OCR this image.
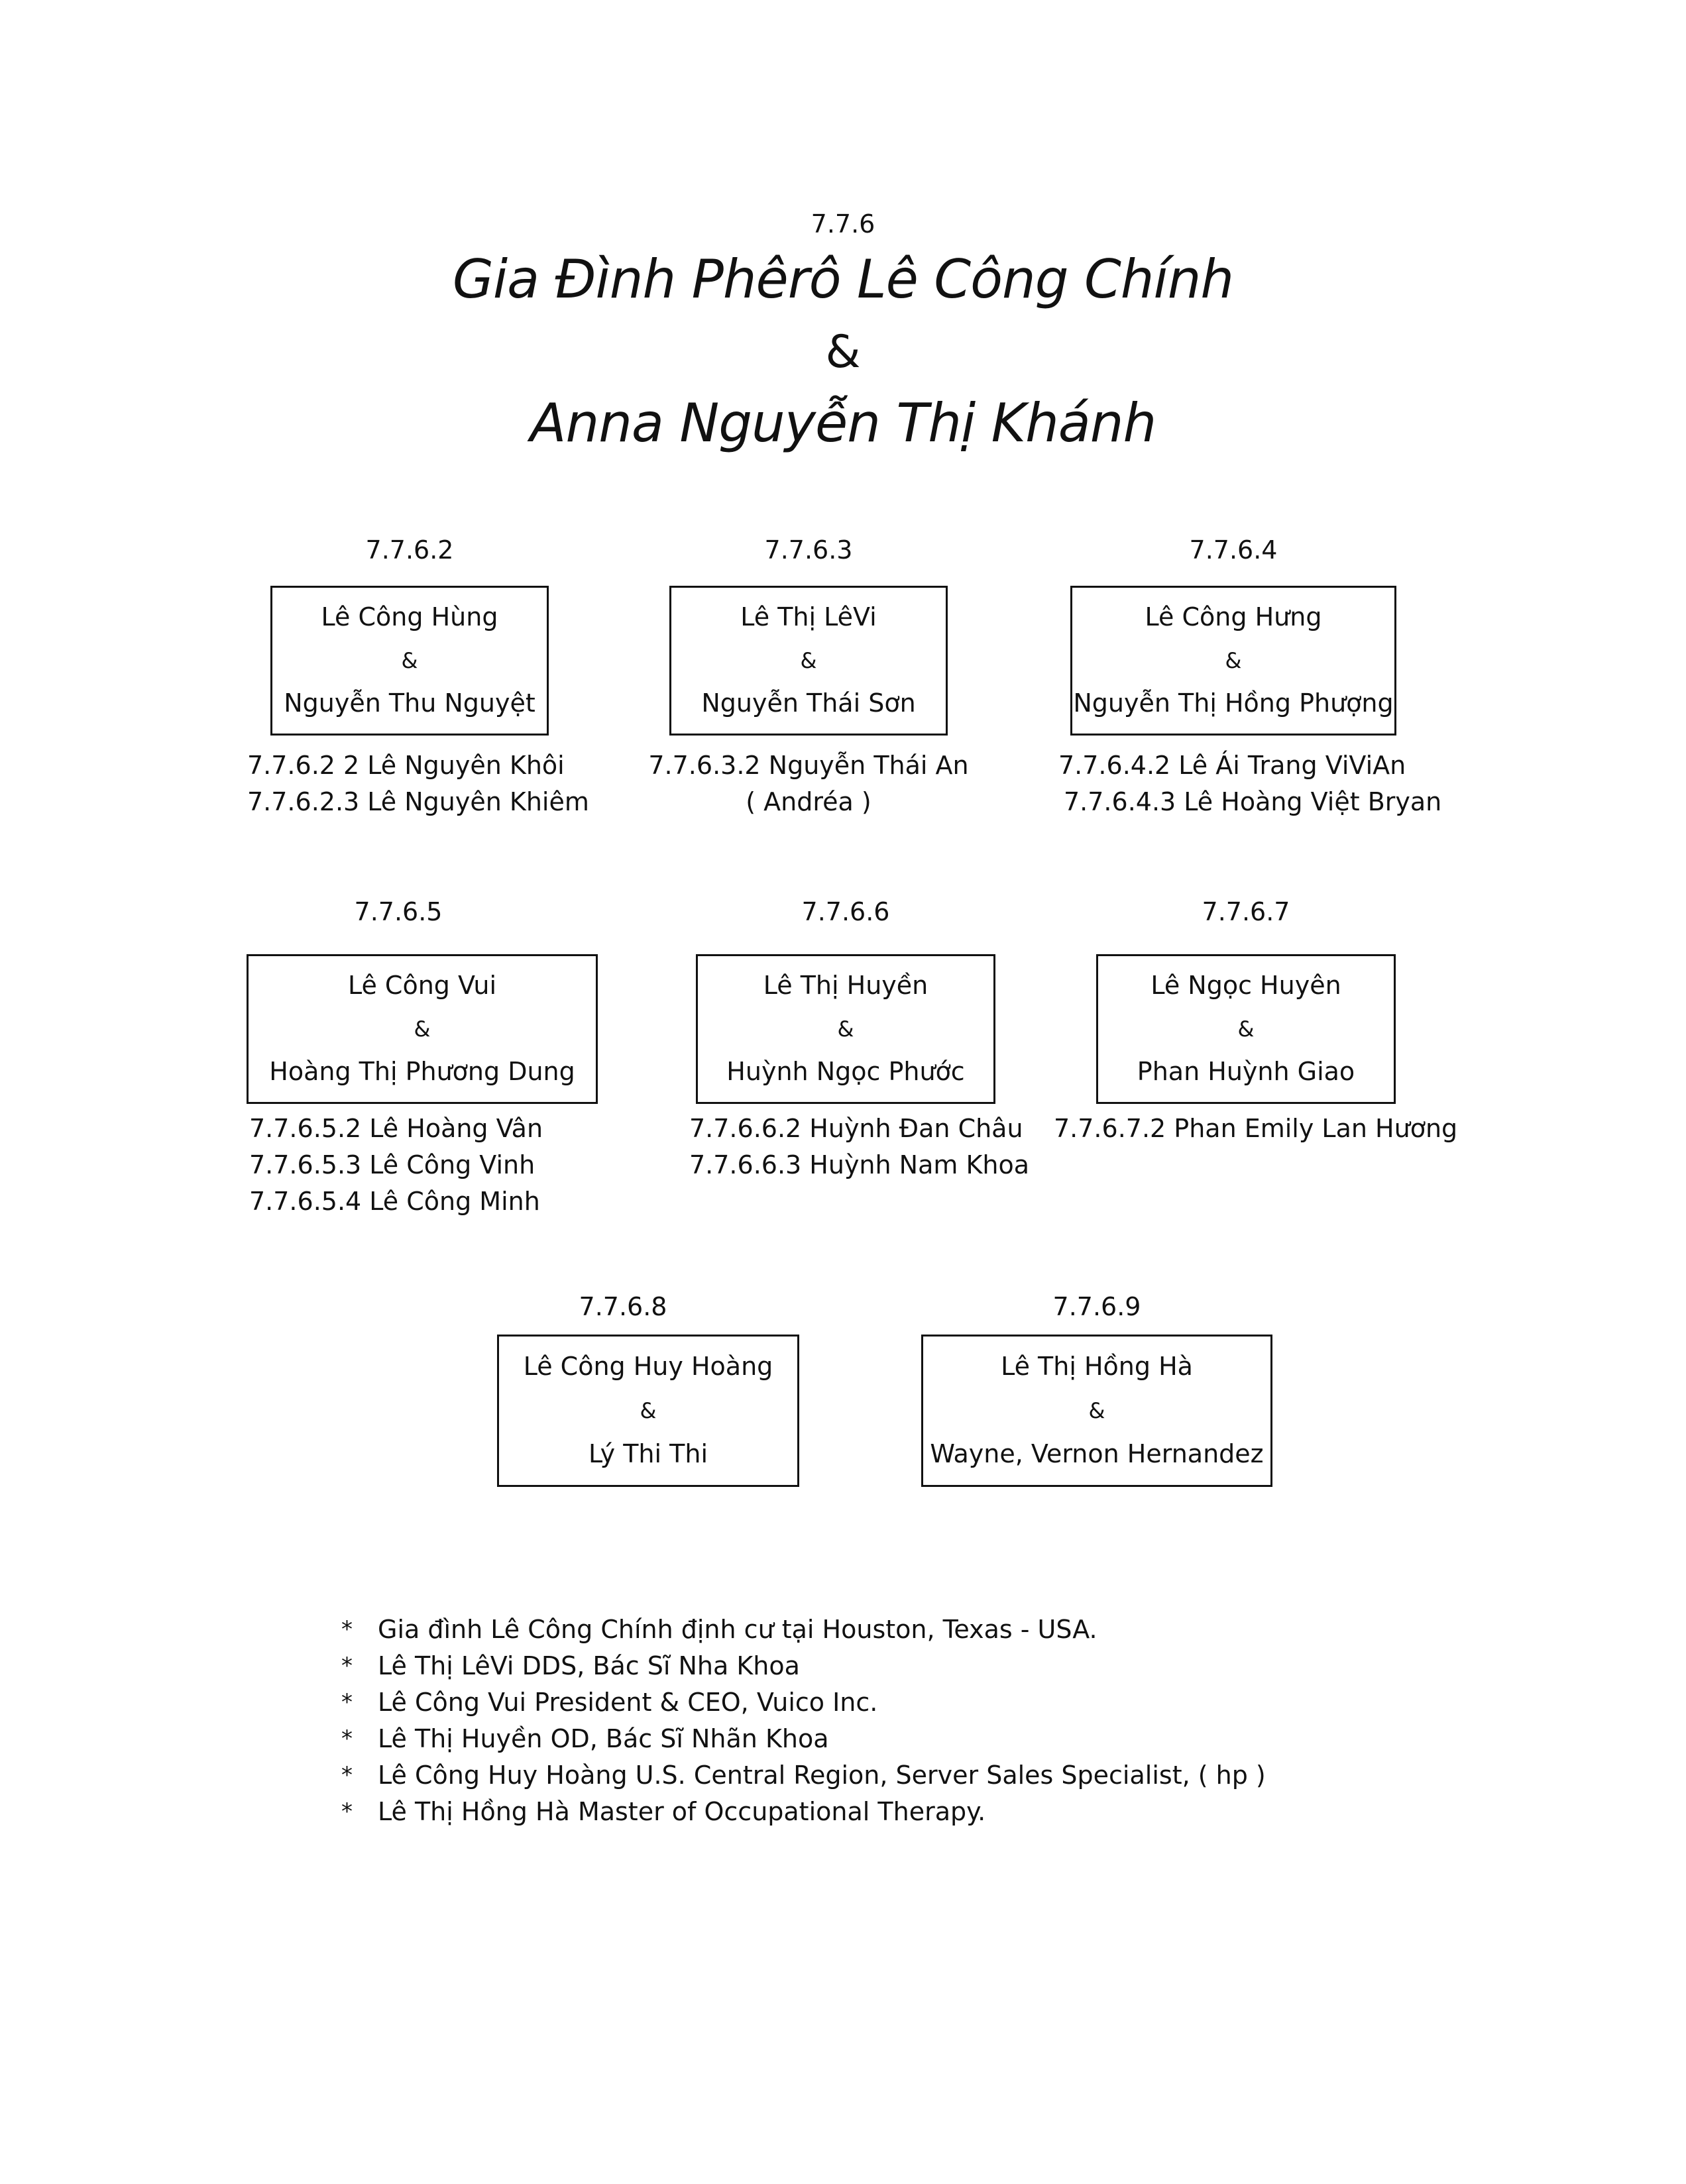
7.7.6
Gia Đình Phêrô Lê Công Chính
&
Anna Nguyễn Thị Khánh
7.7.6.2
Lê Công Hùng
&
Nguyễn Thu Nguyệt
7.7.6.2 2 Lê Nguyên Khôi
7.7.6.2.3 Lê Nguyên Khiêm
7.7.6.3
Lê Thị LêVi
&
Nguyễn Thái Sơn
7.7.6.3.2 Nguyễn Thái An
( Andréa )
7.7.6.4
Lê Công Hưng
&
Nguyễn Thị Hồng Phượng
7.7.6.4.2 Lê Ái Trang ViViAn
7.7.6.4.3 Lê Hoàng Việt Bryan
7.7.6.5
Lê Công Vui
&
Hoàng Thị Phương Dung
7.7.6.5.2 Lê Hoàng Vân
7.7.6.5.3 Lê Công Vinh
7.7.6.5.4 Lê Công Minh
7.7.6.6
Lê Thị Huyền
&
Huỳnh Ngọc Phước
7.7.6.6.2 Huỳnh Đan Châu
7.7.6.6.3 Huỳnh Nam Khoa
7.7.6.7
Lê Ngọc Huyên
&
Phan Huỳnh Giao
7.7.6.7.2 Phan Emily Lan Hương
7.7.6.8
Lê Công Huy Hoàng
&
Lý Thi Thi
7.7.6.9
Lê Thị Hồng Hà
&
Wayne, Vernon Hernandez
*	Gia đình Lê Công Chính định cư tại Houston, Texas - USA.
*	Lê Thị LêVi DDS, Bác Sĩ Nha Khoa
*	Lê Công Vui President & CEO, Vuico Inc.
*	Lê Thị Huyền OD, Bác Sĩ Nhãn Khoa
*	Lê Công Huy Hoàng U.S. Central Region, Server Sales Specialist, ( hp )
*	Lê Thị Hồng Hà Master of Occupational Therapy.
